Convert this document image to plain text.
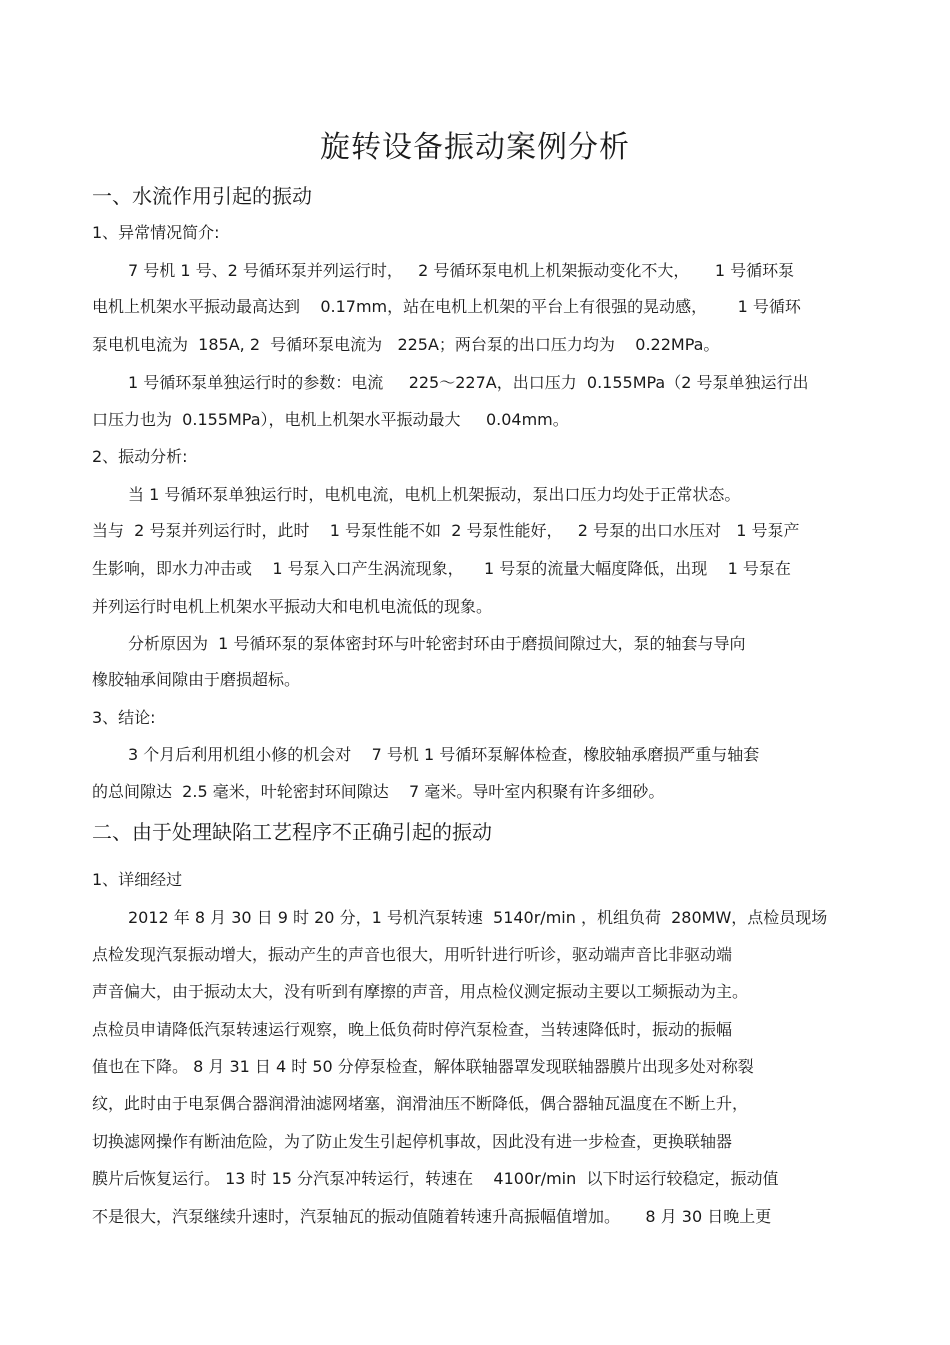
旋转设备振动案例分析
一、水流作用引起的振动
1、异常情况简介:
7 号机 1 号、2 号循环泵并列运行时，   2 号循环泵电机上机架振动变化不大，     1 号循环泵
电机上机架水平振动最高达到    0.17mm，站在电机上机架的平台上有很强的晃动感，      1 号循环
泵电机电流为  185A, 2  号循环泵电流为   225A；两台泵的出口压力均为    0.22MPa。
1 号循环泵单独运行时的参数：电流     225～227A，出口压力  0.155MPa（2 号泵单独运行出
口压力也为  0.155MPa），电机上机架水平振动最大     0.04mm。
2、振动分析:
当 1 号循环泵单独运行时，电机电流，电机上机架振动，泵出口压力均处于正常状态。
当与  2 号泵并列运行时，此时    1 号泵性能不如  2 号泵性能好，   2 号泵的出口水压对   1 号泵产
生影响，即水力冲击或    1 号泵入口产生涡流现象，    1 号泵的流量大幅度降低，出现    1 号泵在
并列运行时电机上机架水平振动大和电机电流低的现象。
分析原因为  1 号循环泵的泵体密封环与叶轮密封环由于磨损间隙过大，泵的轴套与导向
橡胶轴承间隙由于磨损超标。
3、结论:
3 个月后利用机组小修的机会对    7 号机 1 号循环泵解体检查，橡胶轴承磨损严重与轴套
的总间隙达  2.5 毫米，叶轮密封环间隙达    7 毫米。导叶室内积聚有许多细砂。
二、由于处理缺陷工艺程序不正确引起的振动
1、详细经过
2012 年 8 月 30 日 9 时 20 分，1 号机汽泵转速  5140r/min ，机组负荷  280MW，点检员现场
点检发现汽泵振动增大，振动产生的声音也很大，用听针进行听诊，驱动端声音比非驱动端
声音偏大，由于振动太大，没有听到有摩擦的声音，用点检仪测定振动主要以工频振动为主。
点检员申请降低汽泵转速运行观察，晚上低负荷时停汽泵检查，当转速降低时，振动的振幅
值也在下降。 8 月 31 日 4 时 50 分停泵检查，解体联轴器罩发现联轴器膜片出现多处对称裂
纹，此时由于电泵偶合器润滑油滤网堵塞，润滑油压不断降低，偶合器轴瓦温度在不断上升，
切换滤网操作有断油危险，为了防止发生引起停机事故，因此没有进一步检查，更换联轴器
膜片后恢复运行。 13 时 15 分汽泵冲转运行，转速在    4100r/min  以下时运行较稳定，振动值
不是很大，汽泵继续升速时，汽泵轴瓦的振动值随着转速升高振幅值增加。     8 月 30 日晚上更
